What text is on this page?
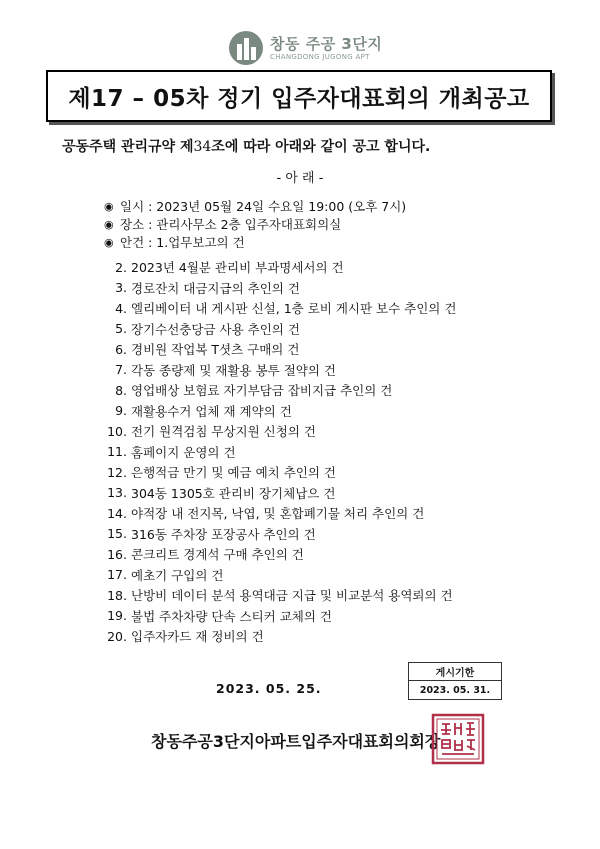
창동 주공 3단지
CHANGDONG JUGONG APT
제17 – 05차 정기 입주자대표회의 개최공고
공동주택 관리규약 제34조에 따라 아래와 같이 공고 합니다.
- 아 래 -
◉ 일시 : 2023년 05월 24일 수요일 19:00 (오후 7시)
◉ 장소 : 관리사무소 2층 입주자대표회의실
◉ 안건 : 1.업무보고의 건
2. 2023년 4월분 관리비 부과명세서의 건
3. 경로잔치 대금지급의 추인의 건
4. 엘리베이터 내 게시판 신설, 1층 로비 게시판 보수 추인의 건
5. 장기수선충당금 사용 추인의 건
6. 경비원 작업복 T셧츠 구매의 건
7. 각동 종량제 및 재활용 봉투 절약의 건
8. 영업배상 보험료 자기부담금 잡비지급 추인의 건
9. 재활용수거 업체 재 계약의 건
10. 전기 원격검침 무상지원 신청의 건
11. 홈페이지 운영의 건
12. 은행적금 만기 및 예금 예치 추인의 건
13. 304동 1305호 관리비 장기체납으 건
14. 야적장 내 전지목, 낙엽, 및 혼합폐기물 처리 추인의 건
15. 316동 주차장 포장공사 추인의 건
16. 콘크리트 경계석 구매 추인의 건
17. 예초기 구입의 건
18. 난방비 데이터 분석 용역대금 지급 및 비교분석 용역뢰의 건
19. 불법 주차차량 단속 스티커 교체의 건
20. 입주자카드 재 정비의 건
2023. 05. 25.
게시기한
2023. 05. 31.
창동주공3단지아파트입주자대표회의회장
